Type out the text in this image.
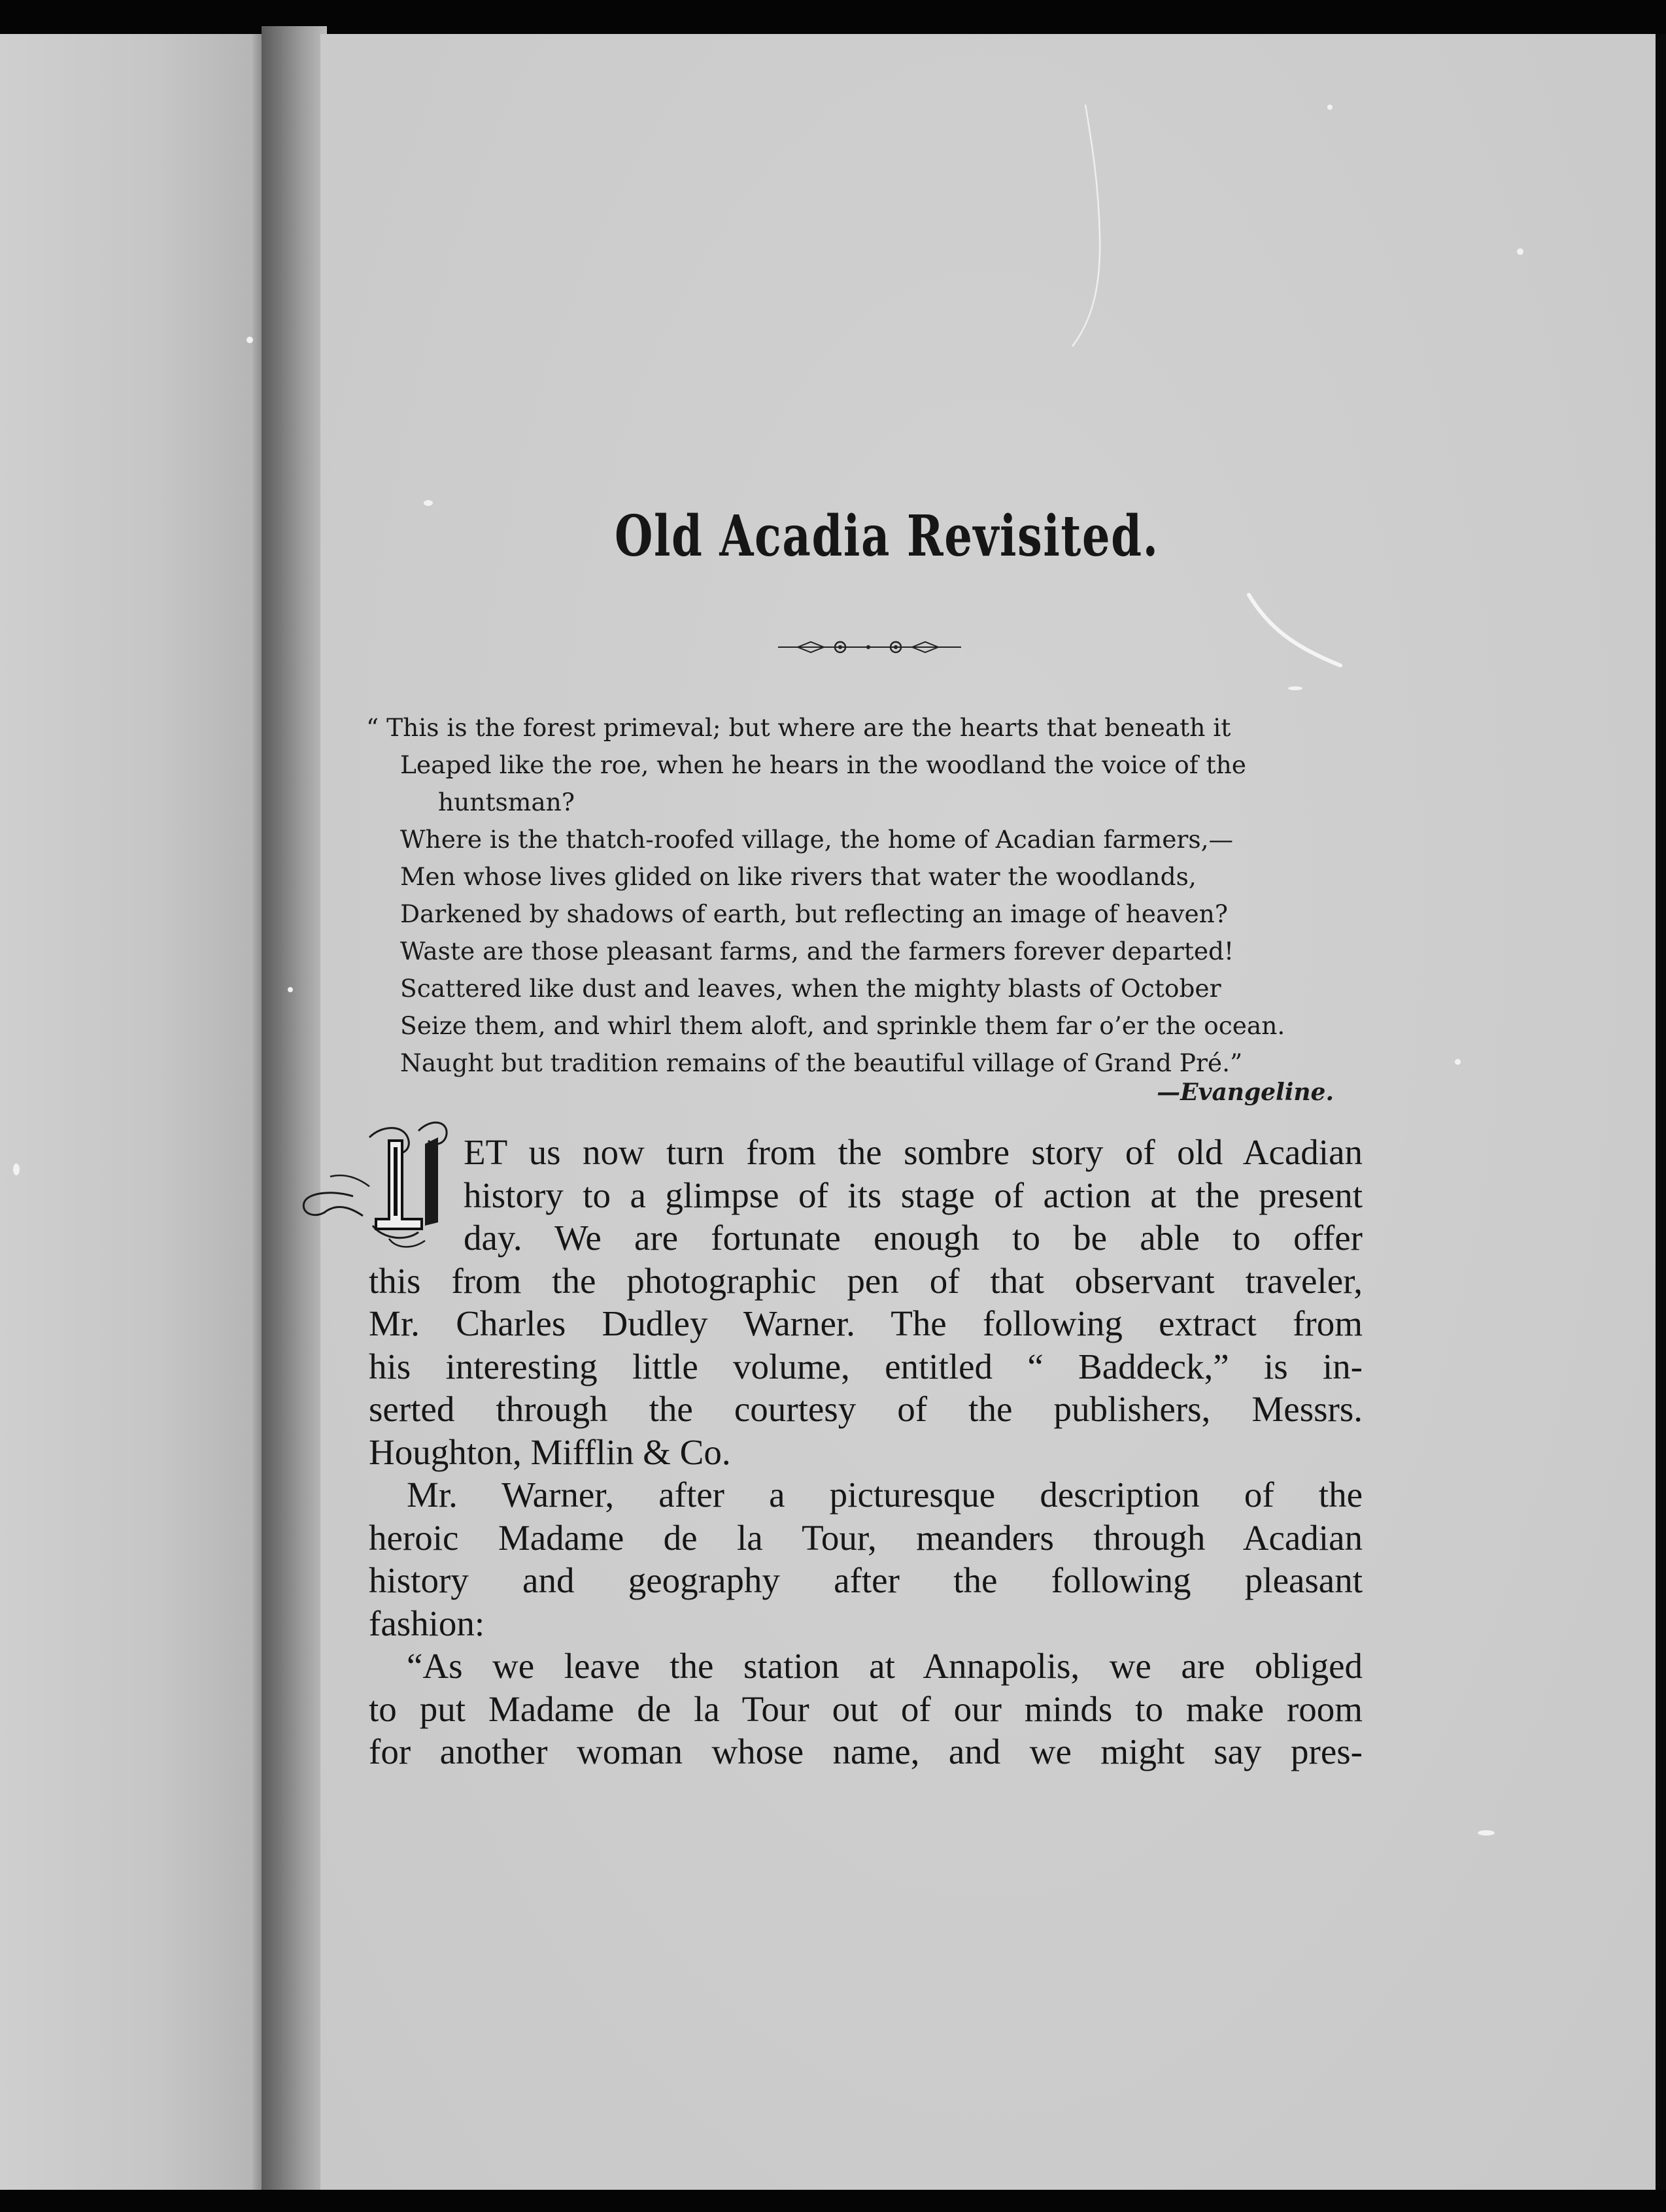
Old Acadia Revisited.
“ This is the forest primeval; but where are the hearts that beneath it
Leaped like the roe, when he hears in the woodland the voice of the
huntsman?
Where is the thatch-roofed village, the home of Acadian farmers,—
Men whose lives glided on like rivers that water the woodlands,
Darkened by shadows of earth, but reflecting an image of heaven?
Waste are those pleasant farms, and the farmers forever departed!
Scattered like dust and leaves, when the mighty blasts of October
Seize them, and whirl them aloft, and sprinkle them far o’er the ocean.
Naught but tradition remains of the beautiful village of Grand Pré.”
—Evangeline.
ET us now turn from the sombre story of old Acadian
history to a glimpse of its stage of action at the present
day. We are fortunate enough to be able to offer
this from the photographic pen of that observant traveler,
Mr. Charles Dudley Warner. The following extract from
his interesting little volume, entitled “ Baddeck,” is in-
serted through the courtesy of the publishers, Messrs.
Houghton, Mifflin & Co.
Mr. Warner, after a picturesque description of the
heroic Madame de la Tour, meanders through Acadian
history and geography after the following pleasant
fashion:
“As we leave the station at Annapolis, we are obliged
to put Madame de la Tour out of our minds to make room
for another woman whose name, and we might say pres-
